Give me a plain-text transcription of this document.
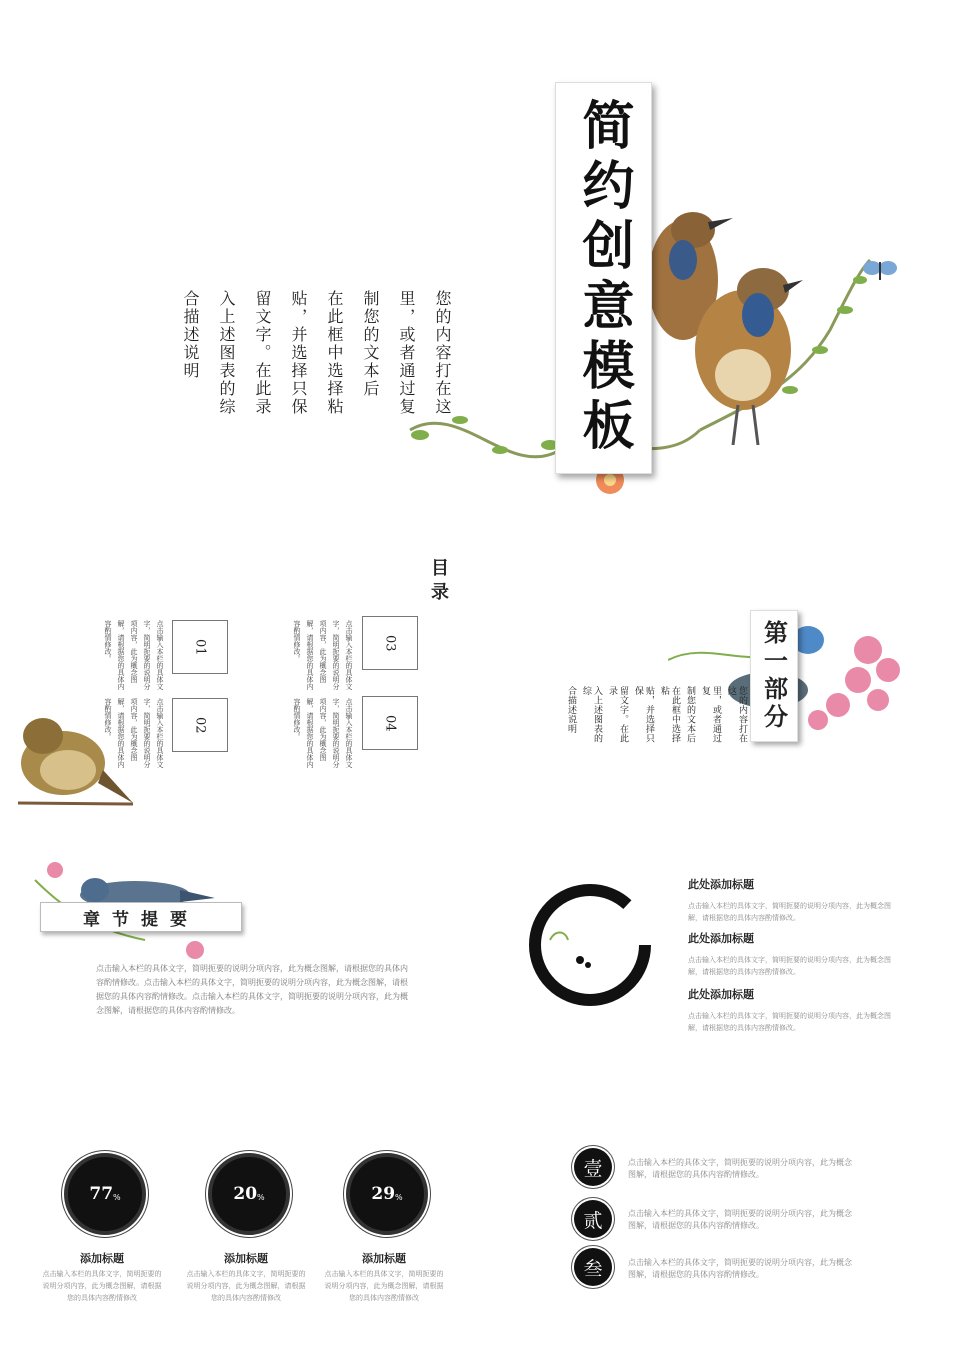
简约创意模板
您的内容打在这
里，或者通过复
制您的文本后
在此框中选择粘
贴，并选择只保
留文字。在此录
入上述图表的综
合描述说明
目录
03
点击输入本栏的具体文字，简明扼要的说明分项内容，此为概念图解，请根据您的具体内容酌情修改。
04
点击输入本栏的具体文字，简明扼要的说明分项内容，此为概念图解，请根据您的具体内容酌情修改。
01
点击输入本栏的具体文字，简明扼要的说明分项内容，此为概念图解，请根据您的具体内容酌情修改。
02
点击输入本栏的具体文字，简明扼要的说明分项内容，此为概念图解，请根据您的具体内容酌情修改。	第一部分
您的内容打在这
里，或者通过复
制您的文本后
在此框中选择粘
贴，并选择只保
留文字。在此录
入上述图表的综
合描述说明
章节提要
点击输入本栏的具体文字，简明扼要的说明分项内容，此为概念图解，请根据您的具体内容酌情修改。点击输入本栏的具体文字，简明扼要的说明分项内容，此为概念图解，请根据您的具体内容酌情修改。点击输入本栏的具体文字，简明扼要的说明分项内容，此为概念图解，请根据您的具体内容酌情修改。
此处添加标题
点击输入本栏的具体文字，简明扼要的说明分项内容，此为概念图解，请根据您的具体内容酌情修改。
此处添加标题
点击输入本栏的具体文字，简明扼要的说明分项内容，此为概念图解，请根据您的具体内容酌情修改。
此处添加标题
点击输入本栏的具体文字，简明扼要的说明分项内容，此为概念图解，请根据您的具体内容酌情修改。
77 %
添加标题
点击输入本栏的具体文字，简明扼要的说明分项内容，此为概念图解，请根据您的具体内容酌情修改
20 %
添加标题
点击输入本栏的具体文字，简明扼要的说明分项内容，此为概念图解，请根据您的具体内容酌情修改
29 %
添加标题
点击输入本栏的具体文字，简明扼要的说明分项内容，此为概念图解，请根据您的具体内容酌情修改
壹	点击输入本栏的具体文字，简明扼要的说明分项内容，此为概念图解，请根据您的具体内容酌情修改。
贰	点击输入本栏的具体文字，简明扼要的说明分项内容，此为概念图解，请根据您的具体内容酌情修改。
叁	点击输入本栏的具体文字，简明扼要的说明分项内容，此为概念图解，请根据您的具体内容酌情修改。
